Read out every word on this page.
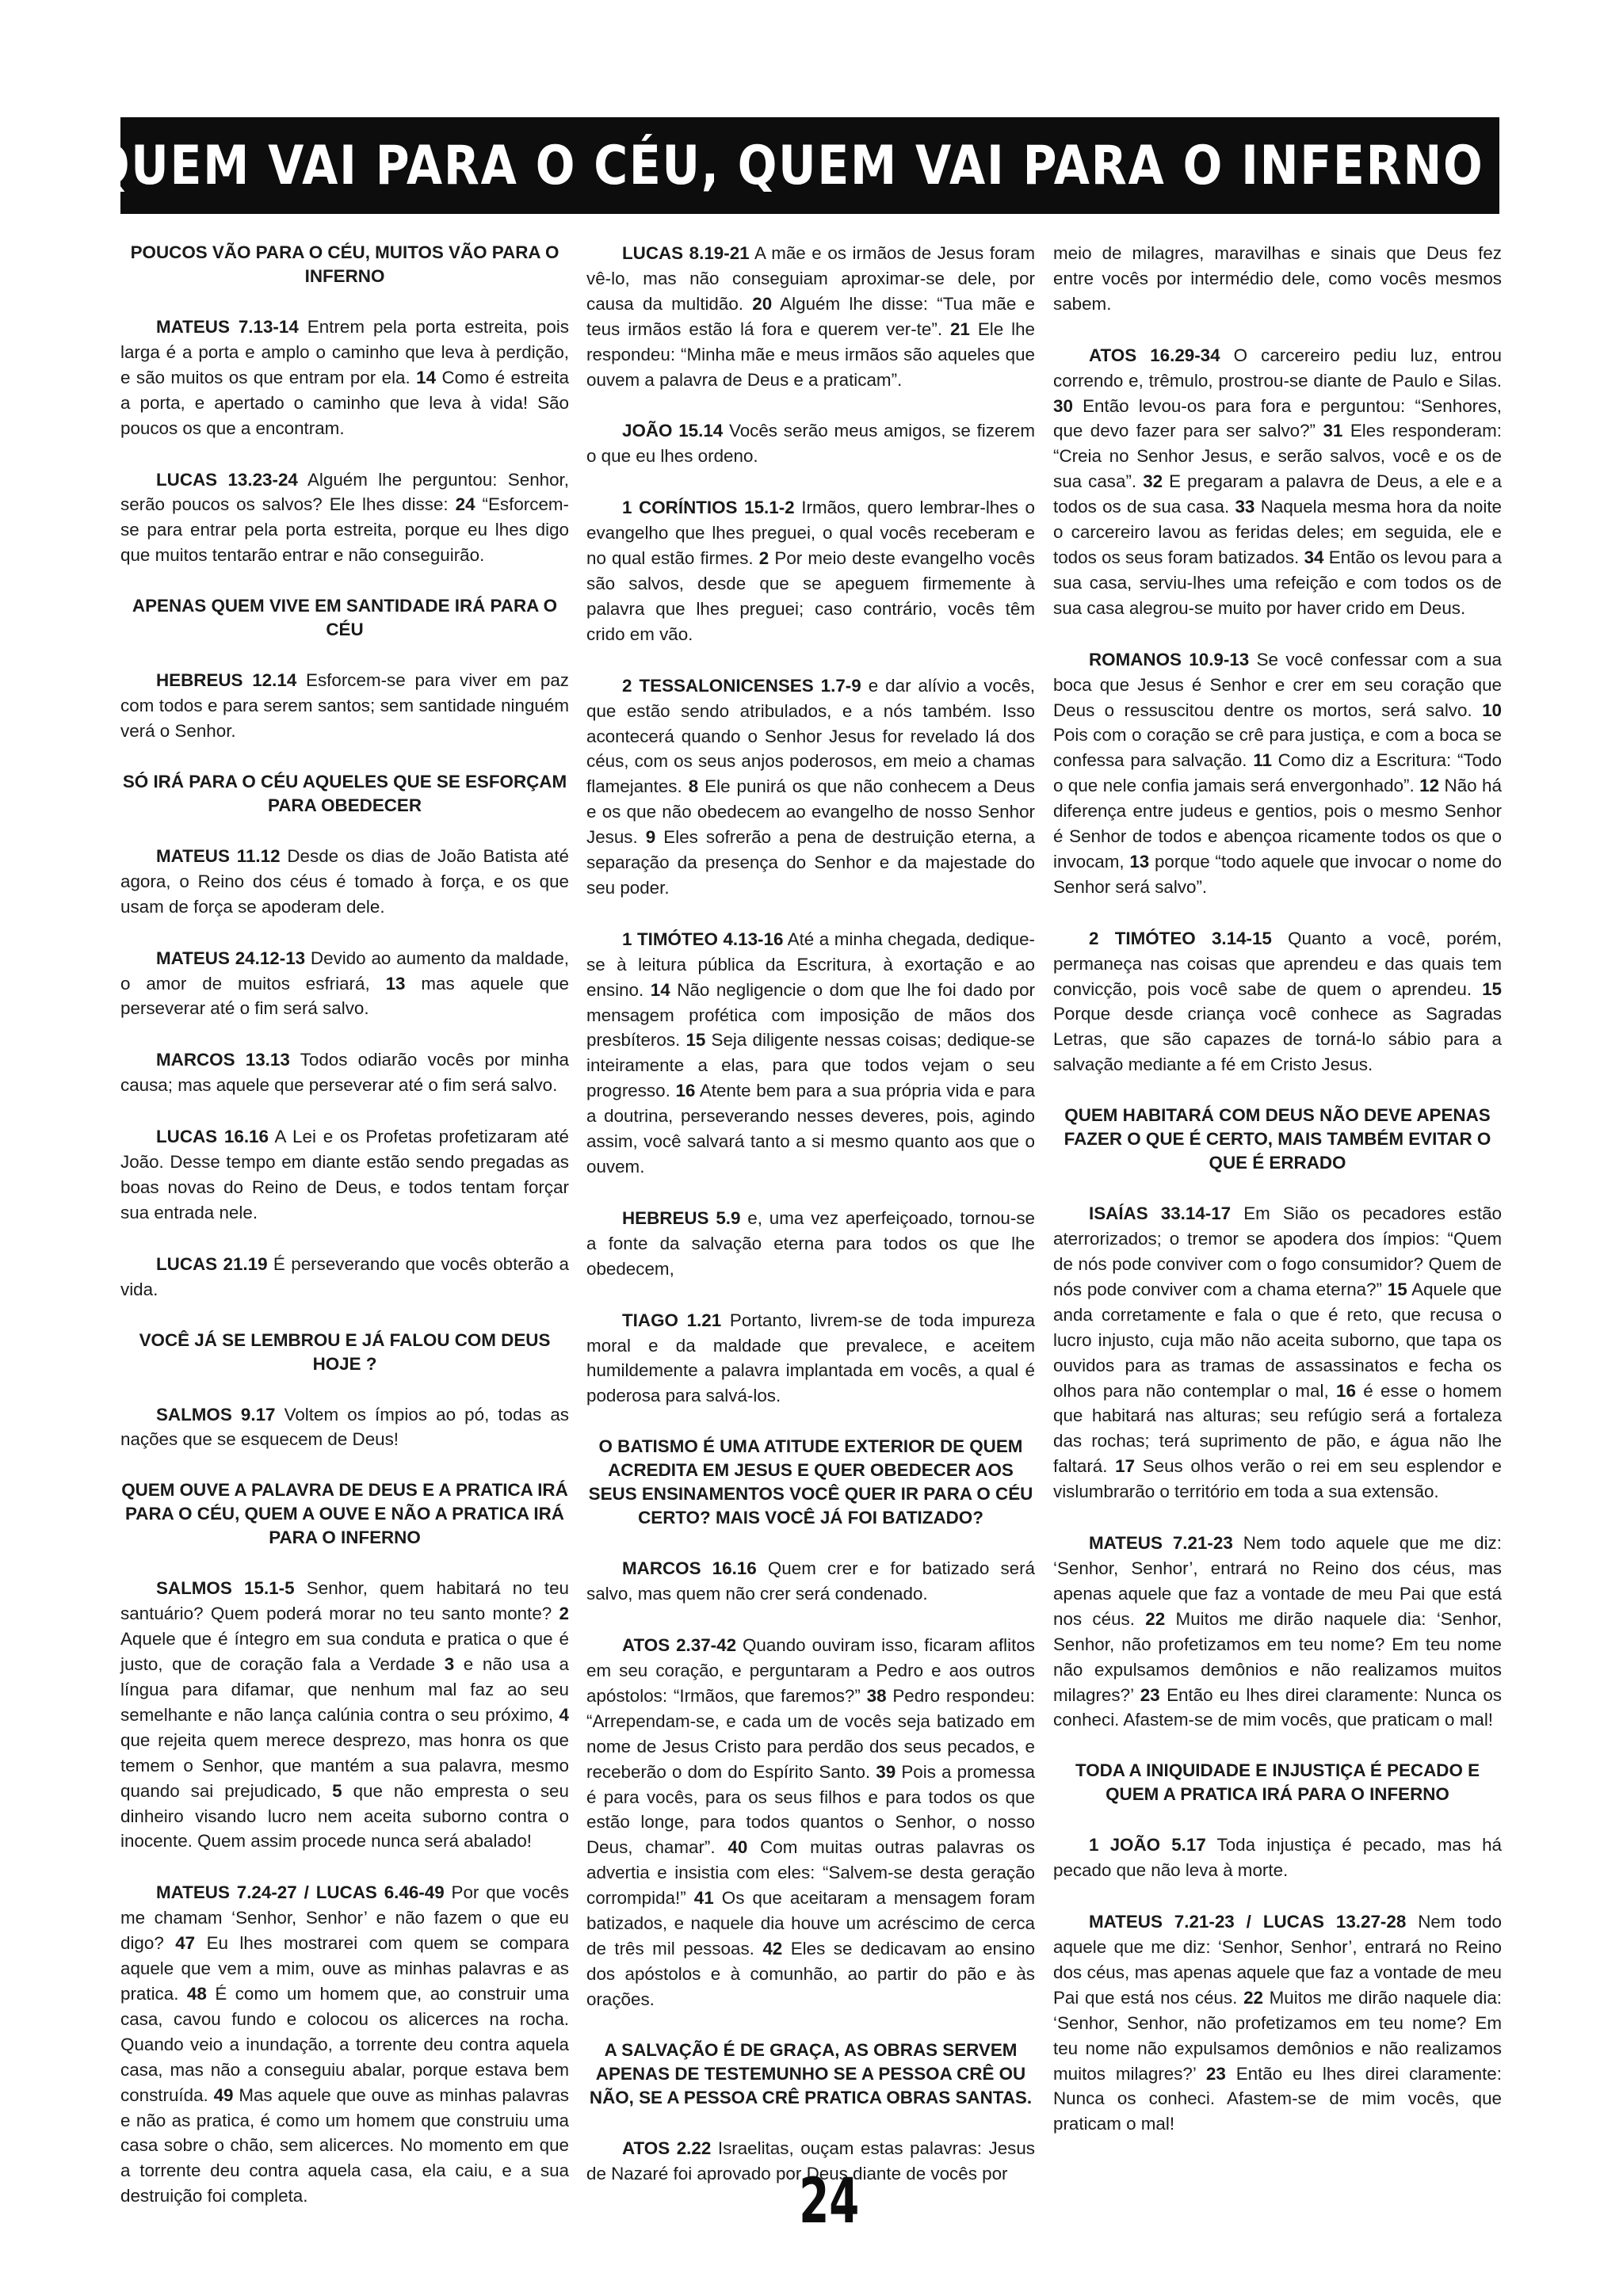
QUEM VAI PARA O CÉU, QUEM VAI PARA O INFERNO ?
POUCOS VÃO PARA O CÉU, MUITOS VÃO PARA O INFERNO

MATEUS 7.13-14 Entrem pela porta estreita, pois larga é a porta e amplo o caminho que leva à perdição, e são muitos os que entram por ela. 14 Como é estreita a porta, e apertado o caminho que leva à vida! São poucos os que a encontram.

LUCAS 13.23-24 Alguém lhe perguntou: Senhor, serão poucos os salvos? Ele lhes disse: 24 “Esforcem-se para entrar pela porta estreita, porque eu lhes digo que muitos tentarão entrar e não conseguirão.

APENAS QUEM VIVE EM SANTIDADE IRÁ PARA O CÉU

HEBREUS 12.14 Esforcem-se para viver em paz com todos e para serem santos; sem santidade ninguém verá o Senhor.

SÓ IRÁ PARA O CÉU AQUELES QUE SE ESFORÇAM PARA OBEDECER

MATEUS 11.12 Desde os dias de João Batista até agora, o Reino dos céus é tomado à força, e os que usam de força se apoderam dele.

MATEUS 24.12-13 Devido ao aumento da maldade, o amor de muitos esfriará, 13 mas aquele que perseverar até o fim será salvo.

MARCOS 13.13 Todos odiarão vocês por minha causa; mas aquele que perseverar até o fim será salvo.

LUCAS 16.16 A Lei e os Profetas profetizaram até João. Desse tempo em diante estão sendo pregadas as boas novas do Reino de Deus, e todos tentam forçar sua entrada nele.

LUCAS 21.19 É perseverando que vocês obterão a vida.

VOCÊ JÁ SE LEMBROU E JÁ FALOU COM DEUS HOJE ?

SALMOS 9.17 Voltem os ímpios ao pó, todas as nações que se esquecem de Deus!

QUEM OUVE A PALAVRA DE DEUS E A PRATICA IRÁ PARA O CÉU, QUEM A OUVE E NÃO A PRATICA IRÁ PARA O INFERNO

SALMOS 15.1-5 Senhor, quem habitará no teu santuário? Quem poderá morar no teu santo monte? 2 Aquele que é íntegro em sua conduta e pratica o que é justo, que de coração fala a Verdade 3 e não usa a língua para difamar, que nenhum mal faz ao seu semelhante e não lança calúnia contra o seu próximo, 4 que rejeita quem merece desprezo, mas honra os que temem o Senhor, que mantém a sua palavra, mesmo quando sai prejudicado, 5 que não empresta o seu dinheiro visando lucro nem aceita suborno contra o inocente. Quem assim procede nunca será abalado!

MATEUS 7.24-27 / LUCAS 6.46-49 Por que vocês me chamam ‘Senhor, Senhor’ e não fazem o que eu digo? 47 Eu lhes mostrarei com quem se compara aquele que vem a mim, ouve as minhas palavras e as pratica. 48 É como um homem que, ao construir uma casa, cavou fundo e colocou os alicerces na rocha. Quando veio a inundação, a torrente deu contra aquela casa, mas não a conseguiu abalar, porque estava bem construída. 49 Mas aquele que ouve as minhas palavras e não as pratica, é como um homem que construiu uma casa sobre o chão, sem alicerces. No momento em que a torrente deu contra aquela casa, ela caiu, e a sua destruição foi completa.

LUCAS 8.19-21 A mãe e os irmãos de Jesus foram vê-lo, mas não conseguiam aproximar-se dele, por causa da multidão. 20 Alguém lhe disse: “Tua mãe e teus irmãos estão lá fora e querem ver-te”. 21 Ele lhe respondeu: “Minha mãe e meus irmãos são aqueles que ouvem a palavra de Deus e a praticam”.

JOÃO 15.14 Vocês serão meus amigos, se fizerem o que eu lhes ordeno.

1 CORÍNTIOS 15.1-2 Irmãos, quero lembrar-lhes o evangelho que lhes preguei, o qual vocês receberam e no qual estão firmes. 2 Por meio deste evangelho vocês são salvos, desde que se apeguem firmemente à palavra que lhes preguei; caso contrário, vocês têm crido em vão.

2 TESSALONICENSES 1.7-9 e dar alívio a vocês, que estão sendo atribulados, e a nós também. Isso acontecerá quando o Senhor Jesus for revelado lá dos céus, com os seus anjos poderosos, em meio a chamas flamejantes. 8 Ele punirá os que não conhecem a Deus e os que não obedecem ao evangelho de nosso Senhor Jesus. 9 Eles sofrerão a pena de destruição eterna, a separação da presença do Senhor e da majestade do seu poder.

1 TIMÓTEO 4.13-16 Até a minha chegada, dedique-se à leitura pública da Escritura, à exortação e ao ensino. 14 Não negligencie o dom que lhe foi dado por mensagem profética com imposição de mãos dos presbíteros. 15 Seja diligente nessas coisas; dedique-se inteiramente a elas, para que todos vejam o seu progresso. 16 Atente bem para a sua própria vida e para a doutrina, perseverando nesses deveres, pois, agindo assim, você salvará tanto a si mesmo quanto aos que o ouvem.

HEBREUS 5.9 e, uma vez aperfeiçoado, tornou-se a fonte da salvação eterna para todos os que lhe obedecem,

TIAGO 1.21 Portanto, livrem-se de toda impureza moral e da maldade que prevalece, e aceitem humildemente a palavra implantada em vocês, a qual é poderosa para salvá-los.

O BATISMO É UMA ATITUDE EXTERIOR DE QUEM ACREDITA EM JESUS E QUER OBEDECER AOS SEUS ENSINAMENTOS VOCÊ QUER IR PARA O CÉU CERTO? MAIS VOCÊ JÁ FOI BATIZADO?

MARCOS 16.16 Quem crer e for batizado será salvo, mas quem não crer será condenado.

ATOS 2.37-42 Quando ouviram isso, ficaram aflitos em seu coração, e perguntaram a Pedro e aos outros apóstolos: “Irmãos, que faremos?” 38 Pedro respondeu: “Arrependam-se, e cada um de vocês seja batizado em nome de Jesus Cristo para perdão dos seus pecados, e receberão o dom do Espírito Santo. 39 Pois a promessa é para vocês, para os seus filhos e para todos os que estão longe, para todos quantos o Senhor, o nosso Deus, chamar”. 40 Com muitas outras palavras os advertia e insistia com eles: “Salvem-se desta geração corrompida!” 41 Os que aceitaram a mensagem foram batizados, e naquele dia houve um acréscimo de cerca de três mil pessoas. 42 Eles se dedicavam ao ensino dos apóstolos e à comunhão, ao partir do pão e às orações.

A SALVAÇÃO É DE GRAÇA, AS OBRAS SERVEM APENAS DE TESTEMUNHO SE A PESSOA CRÊ OU NÃO, SE A PESSOA CRÊ PRATICA OBRAS SANTAS.

ATOS 2.22 Israelitas, ouçam estas palavras: Jesus de Nazaré foi aprovado por Deus diante de vocês por

meio de milagres, maravilhas e sinais que Deus fez entre vocês por intermédio dele, como vocês mesmos sabem.

ATOS 16.29-34 O carcereiro pediu luz, entrou correndo e, trêmulo, prostrou-se diante de Paulo e Silas. 30 Então levou-os para fora e perguntou: “Senhores, que devo fazer para ser salvo?” 31 Eles responderam: “Creia no Senhor Jesus, e serão salvos, você e os de sua casa”. 32 E pregaram a palavra de Deus, a ele e a todos os de sua casa. 33 Naquela mesma hora da noite o carcereiro lavou as feridas deles; em seguida, ele e todos os seus foram batizados. 34 Então os levou para a sua casa, serviu-lhes uma refeição e com todos os de sua casa alegrou-se muito por haver crido em Deus.

ROMANOS 10.9-13 Se você confessar com a sua boca que Jesus é Senhor e crer em seu coração que Deus o ressuscitou dentre os mortos, será salvo. 10 Pois com o coração se crê para justiça, e com a boca se confessa para salvação. 11 Como diz a Escritura: “Todo o que nele confia jamais será envergonhado”. 12 Não há diferença entre judeus e gentios, pois o mesmo Senhor é Senhor de todos e abençoa ricamente todos os que o invocam, 13 porque “todo aquele que invocar o nome do Senhor será salvo”.

2 TIMÓTEO 3.14-15 Quanto a você, porém, permaneça nas coisas que aprendeu e das quais tem convicção, pois você sabe de quem o aprendeu. 15 Porque desde criança você conhece as Sagradas Letras, que são capazes de torná-lo sábio para a salvação mediante a fé em Cristo Jesus.

QUEM HABITARÁ COM DEUS NÃO DEVE APENAS FAZER O QUE É CERTO, MAIS TAMBÉM EVITAR O QUE É ERRADO

ISAÍAS 33.14-17 Em Sião os pecadores estão aterrorizados; o tremor se apodera dos ímpios: “Quem de nós pode conviver com o fogo consumidor? Quem de nós pode conviver com a chama eterna?” 15 Aquele que anda corretamente e fala o que é reto, que recusa o lucro injusto, cuja mão não aceita suborno, que tapa os ouvidos para as tramas de assassinatos e fecha os olhos para não contemplar o mal, 16 é esse o homem que habitará nas alturas; seu refúgio será a fortaleza das rochas; terá suprimento de pão, e água não lhe faltará. 17 Seus olhos verão o rei em seu esplendor e vislumbrarão o território em toda a sua extensão.

MATEUS 7.21-23 Nem todo aquele que me diz: ‘Senhor, Senhor’, entrará no Reino dos céus, mas apenas aquele que faz a vontade de meu Pai que está nos céus. 22 Muitos me dirão naquele dia: ‘Senhor, Senhor, não profetizamos em teu nome? Em teu nome não expulsamos demônios e não realizamos muitos milagres?’ 23 Então eu lhes direi claramente: Nunca os conheci. Afastem-se de mim vocês, que praticam o mal!

TODA A INIQUIDADE E INJUSTIÇA É PECADO E QUEM A PRATICA IRÁ PARA O INFERNO

1 JOÃO 5.17 Toda injustiça é pecado, mas há pecado que não leva à morte.

MATEUS 7.21-23 / LUCAS 13.27-28 Nem todo aquele que me diz: ‘Senhor, Senhor’, entrará no Reino dos céus, mas apenas aquele que faz a vontade de meu Pai que está nos céus. 22 Muitos me dirão naquele dia: ‘Senhor, Senhor, não profetizamos em teu nome? Em teu nome não expulsamos demônios e não realizamos muitos milagres?’ 23 Então eu lhes direi claramente: Nunca os conheci. Afastem-se de mim vocês, que praticam o mal!

24
